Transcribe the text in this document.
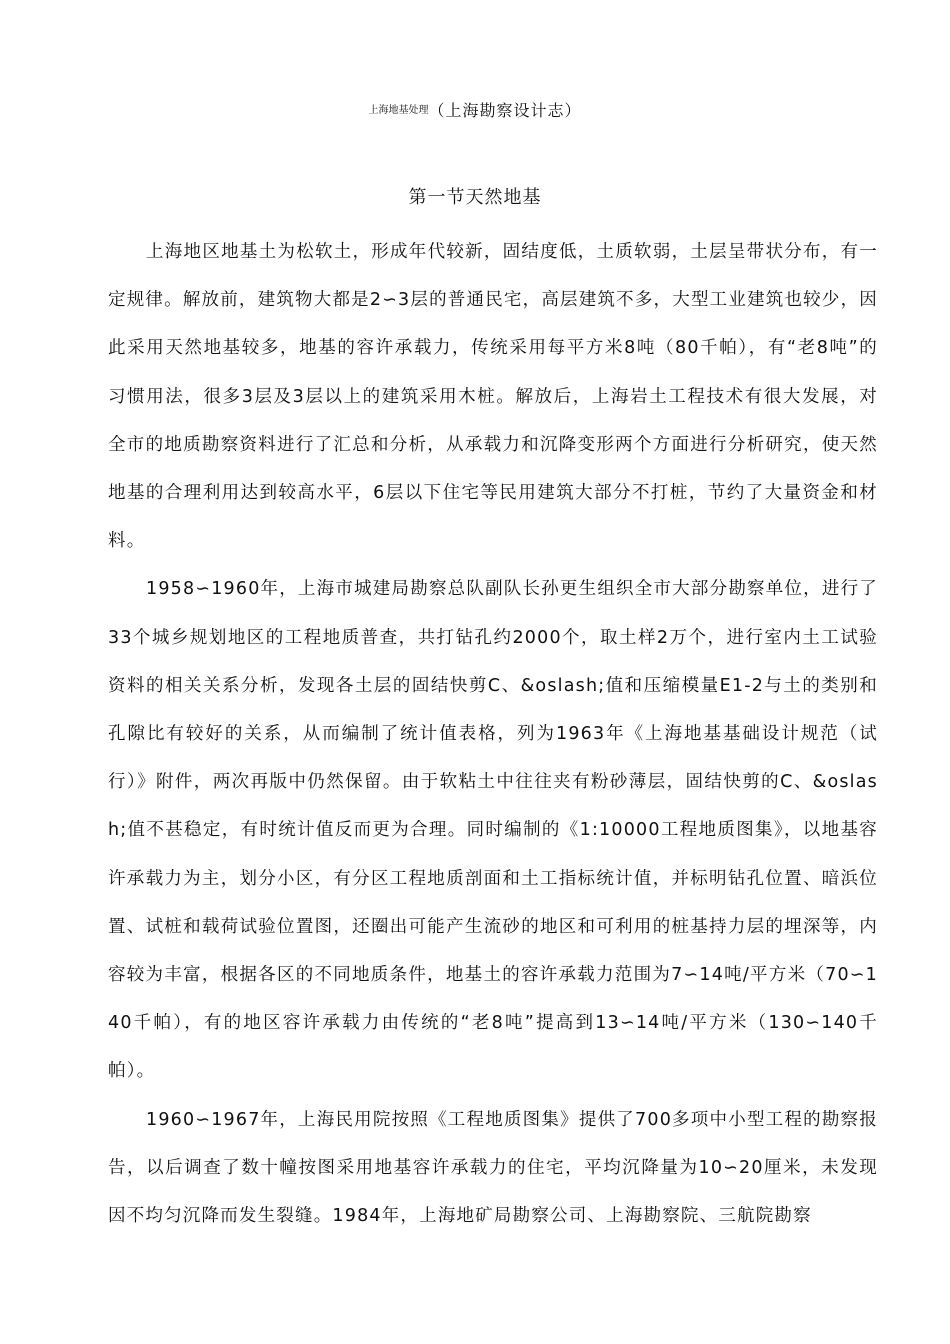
上海地基处理（上海勘察设计志）
第一节天然地基

上海地区地基土为松软土，形成年代较新，固结度低，土质软弱，土层呈带状分布，有一定规律。解放前，建筑物大都是2∽3层的普通民宅，高层建筑不多，大型工业建筑也较少，因此采用天然地基较多，地基的容许承载力，传统采用每平方米8吨（80千帕），有“老8吨”的习惯用法，很多3层及3层以上的建筑采用木桩。解放后，上海岩土工程技术有很大发展，对全市的地质勘察资料进行了汇总和分析，从承载力和沉降变形两个方面进行分析研究，使天然地基的合理利用达到较高水平，6层以下住宅等民用建筑大部分不打桩，节约了大量资金和材料。

1958∽1960年，上海市城建局勘察总队副队长孙更生组织全市大部分勘察单位，进行了33个城乡规划地区的工程地质普查，共打钻孔约2000个，取土样2万个，进行室内土工试验资料的相关关系分析，发现各土层的固结快剪C、&oslash;值和压缩模量E1-2与土的类别和孔隙比有较好的关系，从而编制了统计值表格，列为1963年《上海地基基础设计规范（试行）》附件，两次再版中仍然保留。由于软粘土中往往夹有粉砂薄层，固结快剪的C、&oslash;值不甚稳定，有时统计值反而更为合理。同时编制的《1:10000工程地质图集》，以地基容许承载力为主，划分小区，有分区工程地质剖面和土工指标统计值，并标明钻孔位置、暗浜位置、试桩和载荷试验位置图，还圈出可能产生流砂的地区和可利用的桩基持力层的埋深等，内容较为丰富，根据各区的不同地质条件，地基土的容许承载力范围为7∽14吨/平方米（70∽140千帕），有的地区容许承载力由传统的“老8吨”提高到13∽14吨/平方米（130∽140千帕）。

1960∽1967年，上海民用院按照《工程地质图集》提供了700多项中小型工程的勘察报告，以后调查了数十幢按图采用地基容许承载力的住宅，平均沉降量为10∽20厘米，未发现因不均匀沉降而发生裂缝。1984年，上海地矿局勘察公司、上海勘察院、三航院勘察
